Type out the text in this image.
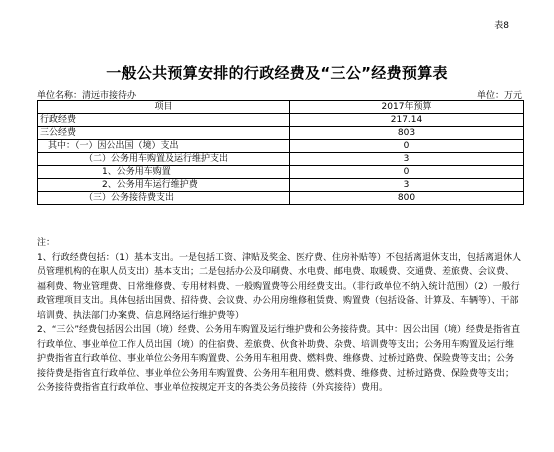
表8
一般公共预算安排的行政经费及“三公”经费预算表
单位名称：清远市接待办	单位：万元
项目	2017年预算
行政经费	217.14
三公经费	803
其中：（一）因公出国（境）支出	0
（二）公务用车购置及运行维护支出	3
1、公务用车购置	0
2、公务用车运行维护费	3
（三）公务接待费支出	800

注：

1、行政经费包括：（1）基本支出。一是包括工资、津贴及奖金、医疗费、住房补贴等）不包括离退休支出，包括离退休人员管理机构的在职人员支出）基本支出；二是包括办公及印刷费、水电费、邮电费、取暖费、交通费、差旅费、会议费、福利费、物业管理费、日常维修费、专用材料费、一般购置费等公用经费支出。（非行政单位不纳入统计范围）（2）一般行政管理项目支出。具体包括出国费、招待费、会议费、办公用房维修租赁费、购置费（包括设备、计算及、车辆等）、干部培训费、执法部门办案费、信息网络运行维护费等）

2、“三公”经费包括因公出国（境）经费、公务用车购置及运行维护费和公务接待费。其中：因公出国（境）经费是指省直行政单位、事业单位工作人员出国（境）的住宿费、差旅费、伙食补助费、杂费、培训费等支出；公务用车购置及运行维护费指省直行政单位、事业单位公务用车购置费、公务用车租用费、燃料费、维修费、过桥过路费、保险费等支出；公务接待费是指省直行政单位、事业单位公务用车购置费、公务用车租用费、燃料费、维修费、过桥过路费、保险费等支出；公务接待费指省直行政单位、事业单位按规定开支的各类公务员接待（外宾接待）费用。
